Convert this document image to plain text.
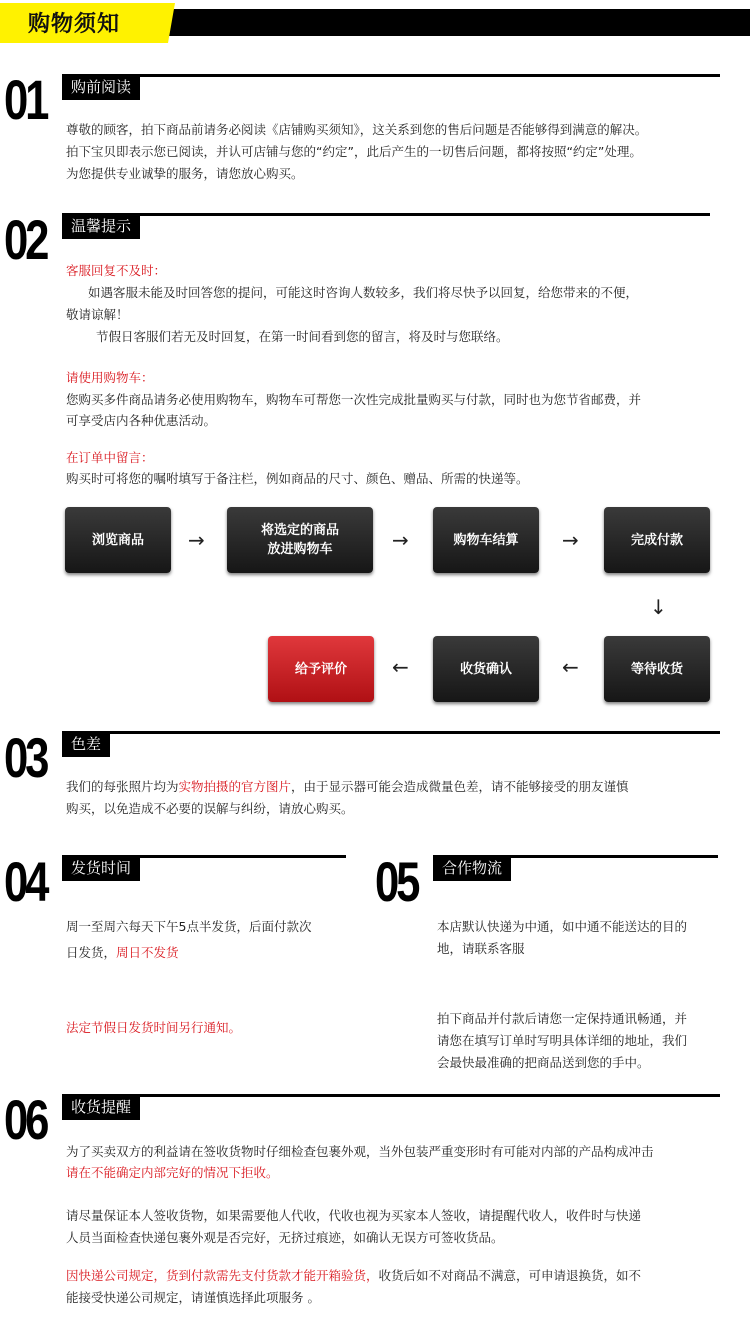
购物须知
01	购前阅读
尊敬的顾客，拍下商品前请务必阅读《店铺购买须知》，这关系到您的售后问题是否能够得到满意的解决。
拍下宝贝即表示您已阅读，并认可店铺与您的“约定”，此后产生的一切售后问题，都将按照“约定”处理。
为您提供专业诚挚的服务，请您放心购买。
02	温馨提示
客服回复不及时：
如遇客服未能及时回答您的提问，可能这时咨询人数较多，我们将尽快予以回复，给您带来的不便，
敬请谅解！
节假日客服们若无及时回复，在第一时间看到您的留言，将及时与您联络。
请使用购物车：
您购买多件商品请务必使用购物车，购物车可帮您一次性完成批量购买与付款，同时也为您节省邮费，并
可享受店内各种优惠活动。
在订单中留言：
购买时可将您的嘱咐填写于备注栏，例如商品的尺寸、颜色、赠品、所需的快递等。
浏览商品	→	将选定的商品
放进购物车	→	购物车结算	→	完成付款
↓
等待收货
←
收货确认
←
给予评价
03	色差
我们的每张照片均为实物拍摄的官方图片，由于显示器可能会造成微量色差，请不能够接受的朋友谨慎
购买，以免造成不必要的误解与纠纷，请放心购买。
04	发货时间
周一至周六每天下午5点半发货，后面付款次
日发货，周日不发货
法定节假日发货时间另行通知。
05	合作物流
本店默认快递为中通，如中通不能送达的目的
地，请联系客服
拍下商品并付款后请您一定保持通讯畅通，并
请您在填写订单时写明具体详细的地址，我们
会最快最准确的把商品送到您的手中。
06	收货提醒
为了买卖双方的利益请在签收货物时仔细检查包裹外观，当外包装严重变形时有可能对内部的产品构成冲击
请在不能确定内部完好的情况下拒收。
请尽量保证本人签收货物，如果需要他人代收，代收也视为买家本人签收，请提醒代收人，收件时与快递
人员当面检查快递包裹外观是否完好，无挤过痕迹，如确认无误方可签收货品。
因快递公司规定，货到付款需先支付货款才能开箱验货，收货后如不对商品不满意，可申请退换货，如不
能接受快递公司规定，请谨慎选择此项服务 。
